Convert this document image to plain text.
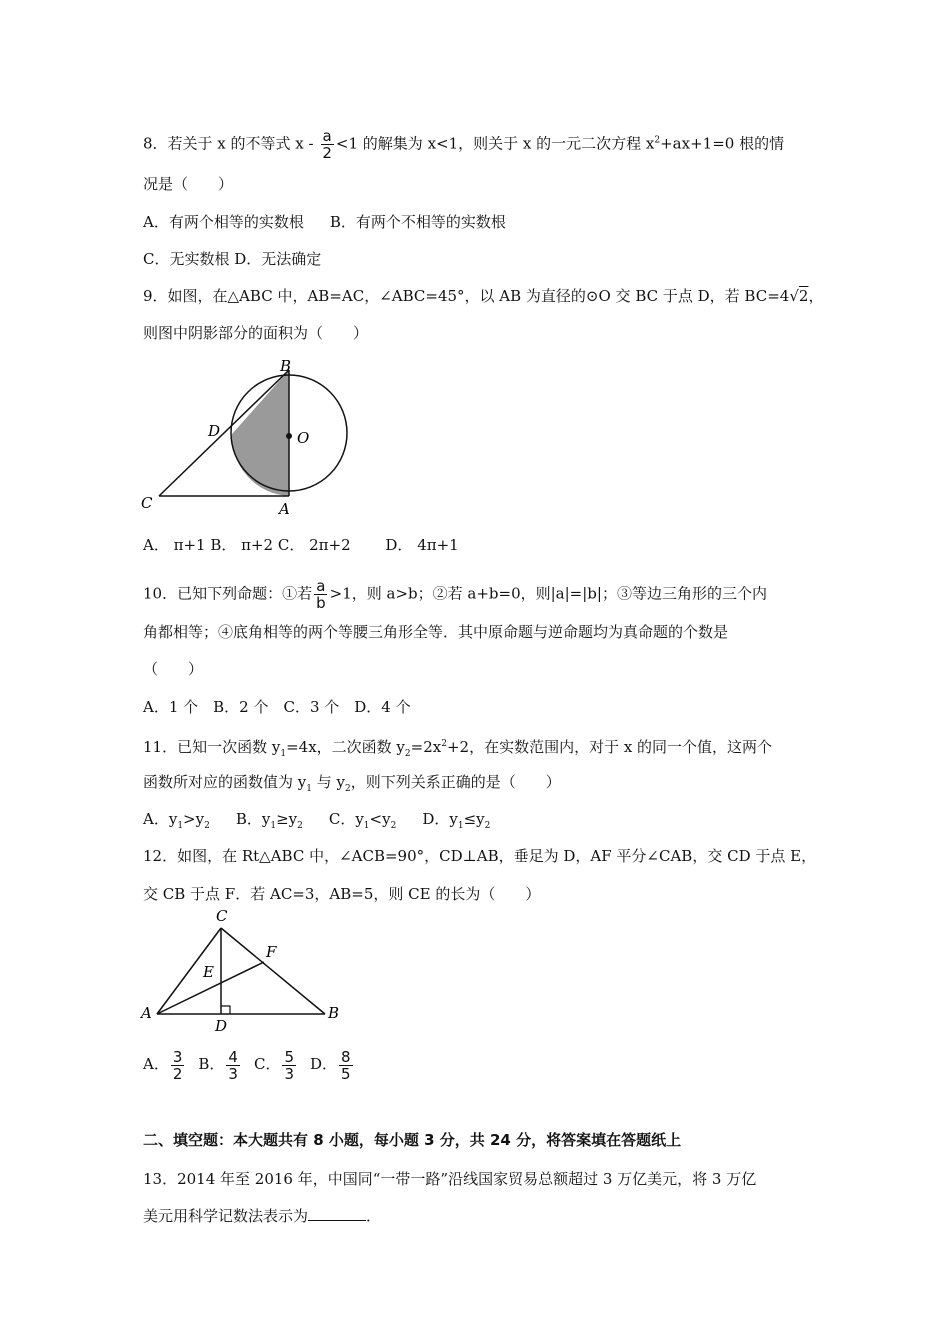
8．若关于 x 的不等式 $x - \frac{a}{2} <1$ 的解集为 x<1，则关于 x 的一元二次方程 $x^2+ax+1=0$ 根的情
况是（　　）
A．有两个相等的实数根 B．有两个不相等的实数根
C．无实数根 D．无法确定
9．如图，在△ABC 中，AB=AC，∠ABC=45°，以 AB 为直径的⊙O 交 BC 于点 D，若 BC=4√2，
则图中阴影部分的面积为（　　）
B
D	O
C	A
A． π+1 B． π+2 C． 2π+2 　　D． 4π+1
10．已知下列命题：①若 $\frac{a}{b} >1$，则 a>b；②若 a+b=0，则|a|=|b|；③等边三角形的三个内
角都相等；④底角相等的两个等腰三角形全等．其中原命题与逆命题均为真命题的个数是
（　　）
A．1 个　B．2 个　C．3 个　D．4 个
11．已知一次函数 $y_1=4x$，二次函数 $y_2=2x^2+2$，在实数范围内，对于 x 的同一个值，这两个
函数所对应的函数值为 $y_1$ 与 $y_2$，则下列关系正确的是（　　）
A．$y_1>y_2$ B．$y_1\ge y_2$ C．$y_1<y_2$ D．$y_1\le y_2$
12．如图，在 Rt△ABC 中，∠ACB=90°，CD⊥AB，垂足为 D，AF 平分∠CAB，交 CD 于点 E，
交 CB 于点 F．若 AC=3，AB=5，则 CE 的长为（　　）
C
F
E
A
D
B
A． $\frac{3}{2}$ B． $\frac{4}{3}$ C． $\frac{5}{3}$ D． $\frac{8}{5}$
二、填空题：本大题共有 8 小题，每小题 3 分，共 24 分，将答案填在答题纸上
13．2014 年至 2016 年，中国同“一带一路”沿线国家贸易总额超过 3 万亿美元，将 3 万亿
美元用科学记数法表示为	．
